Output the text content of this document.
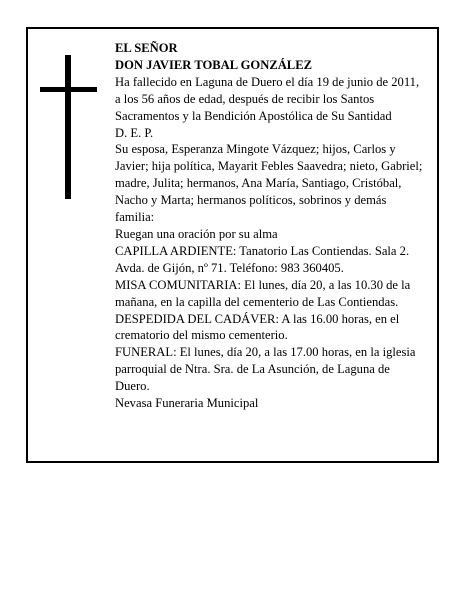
EL SEÑOR

DON JAVIER TOBAL GONZÁLEZ

Ha fallecido en Laguna de Duero el día 19 de junio de 2011, a los 56 años de edad, después de recibir los Santos Sacramentos y la Bendición Apostólica de Su Santidad

D. E. P.

Su esposa, Esperanza Mingote Vázquez; hijos, Carlos y Javier; hija política, Mayarit Febles Saavedra; nieto, Gabriel; madre, Julita; hermanos, Ana María, Santiago, Cristóbal, Nacho y Marta; hermanos políticos, sobrinos y demás familia:

Ruegan una oración por su alma

CAPILLA ARDIENTE: Tanatorio Las Contiendas. Sala 2. Avda. de Gijón, nº 71. Teléfono: 983 360405.

MISA COMUNITARIA: El lunes, día 20, a las 10.30 de la mañana, en la capilla del cementerio de Las Contiendas.

DESPEDIDA DEL CADÁVER: A las 16.00 horas, en el crematorio del mismo cementerio.

FUNERAL: El lunes, día 20, a las 17.00 horas, en la iglesia parroquial de Ntra. Sra. de La Asunción, de Laguna de Duero.

Nevasa Funeraria Municipal
